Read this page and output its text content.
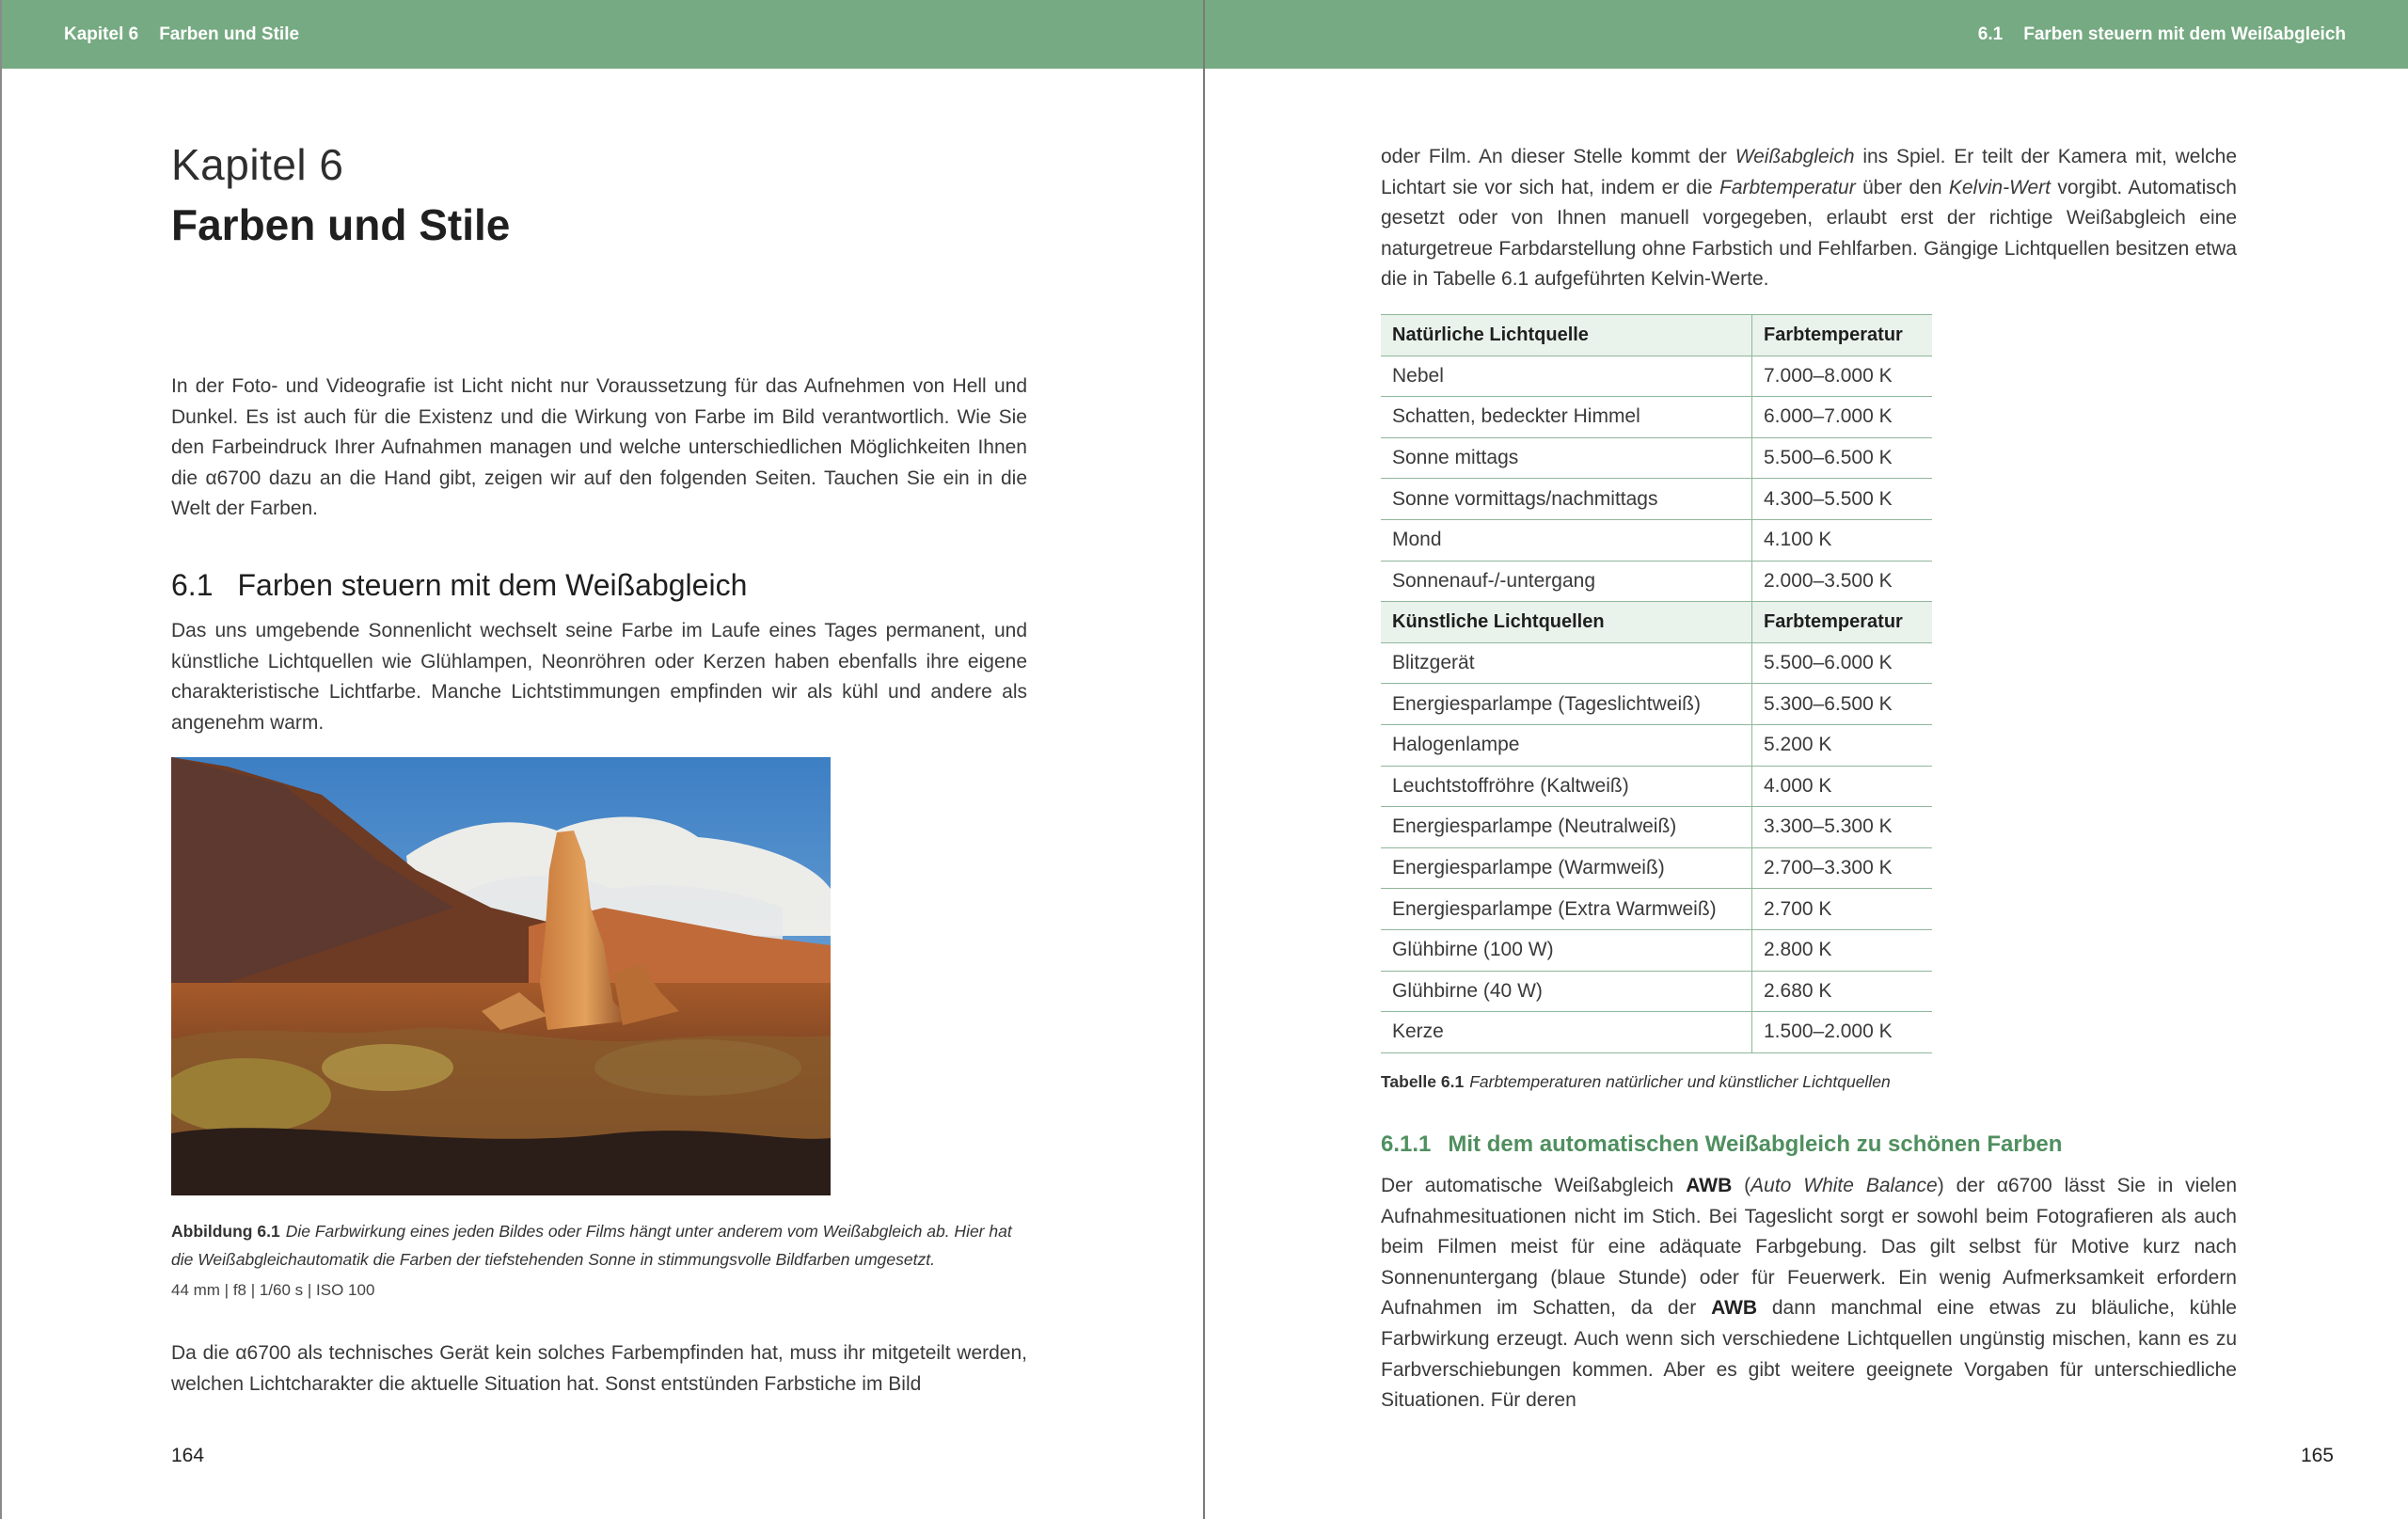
Kapitel 6 Farben und Stile
Kapitel 6
Farben und Stile

In der Foto- und Videografie ist Licht nicht nur Voraussetzung für das Aufnehmen von Hell und Dunkel. Es ist auch für die Existenz und die Wirkung von Farbe im Bild verantwortlich. Wie Sie den Farbeindruck Ihrer Aufnahmen managen und welche unterschiedlichen Möglichkeiten Ihnen die α6700 dazu an die Hand gibt, zeigen wir auf den folgenden Seiten. Tauchen Sie ein in die Welt der Farben.

6.1 Farben steuern mit dem Weißabgleich

Das uns umgebende Sonnenlicht wechselt seine Farbe im Laufe eines Tages permanent, und künstliche Lichtquellen wie Glühlampen, Neonröhren oder Kerzen haben ebenfalls ihre eigene charakteristische Lichtfarbe. Manche Lichtstimmungen empfinden wir als kühl und andere als angenehm warm.

Abbildung 6.1 Die Farbwirkung eines jeden Bildes oder Films hängt unter anderem vom Weißabgleich ab. Hier hat die Weißabgleichautomatik die Farben der tiefstehenden Sonne in stimmungsvolle Bildfarben umgesetzt.
44 mm | f8 | 1/60 s | ISO 100

Da die α6700 als technisches Gerät kein solches Farbempfinden hat, muss ihr mitgeteilt werden, welchen Lichtcharakter die aktuelle Situation hat. Sonst entstünden Farbstiche im Bild

164
6.1 Farben steuern mit dem Weißabgleich

oder Film. An dieser Stelle kommt der Weißabgleich ins Spiel. Er teilt der Kamera mit, welche Lichtart sie vor sich hat, indem er die Farbtemperatur über den Kelvin-Wert vorgibt. Automatisch gesetzt oder von Ihnen manuell vorgegeben, erlaubt erst der richtige Weißabgleich eine naturgetreue Farbdarstellung ohne Farbstich und Fehlfarben. Gängige Lichtquellen besitzen etwa die in Tabelle 6.1 aufgeführten Kelvin-Werte.

Natürliche Lichtquelle	Farbtemperatur
Nebel	7.000–8.000 K
Schatten, bedeckter Himmel	6.000–7.000 K
Sonne mittags	5.500–6.500 K
Sonne vormittags/nachmittags	4.300–5.500 K
Mond	4.100 K
Sonnenauf-/-untergang	2.000–3.500 K
Künstliche Lichtquellen	Farbtemperatur
Blitzgerät	5.500–6.000 K
Energiesparlampe (Tageslichtweiß)	5.300–6.500 K
Halogenlampe	5.200 K
Leuchtstoffröhre (Kaltweiß)	4.000 K
Energiesparlampe (Neutralweiß)	3.300–5.300 K
Energiesparlampe (Warmweiß)	2.700–3.300 K
Energiesparlampe (Extra Warmweiß)	2.700 K
Glühbirne (100 W)	2.800 K
Glühbirne (40 W)	2.680 K
Kerze	1.500–2.000 K
Tabelle 6.1 Farbtemperaturen natürlicher und künstlicher Lichtquellen
6.1.1 Mit dem automatischen Weißabgleich zu schönen Farben

Der automatische Weißabgleich AWB (Auto White Balance) der α6700 lässt Sie in vielen Aufnahmesituationen nicht im Stich. Bei Tageslicht sorgt er sowohl beim Fotografieren als auch beim Filmen meist für eine adäquate Farbgebung. Das gilt selbst für Motive kurz nach Sonnenuntergang (blaue Stunde) oder für Feuerwerk. Ein wenig Aufmerksamkeit erfordern Aufnahmen im Schatten, da der AWB dann manchmal eine etwas zu bläuliche, kühle Farbwirkung erzeugt. Auch wenn sich verschiedene Lichtquellen ungünstig mischen, kann es zu Farbverschiebungen kommen. Aber es gibt weitere geeignete Vorgaben für unterschiedliche Situationen. Für deren

165
